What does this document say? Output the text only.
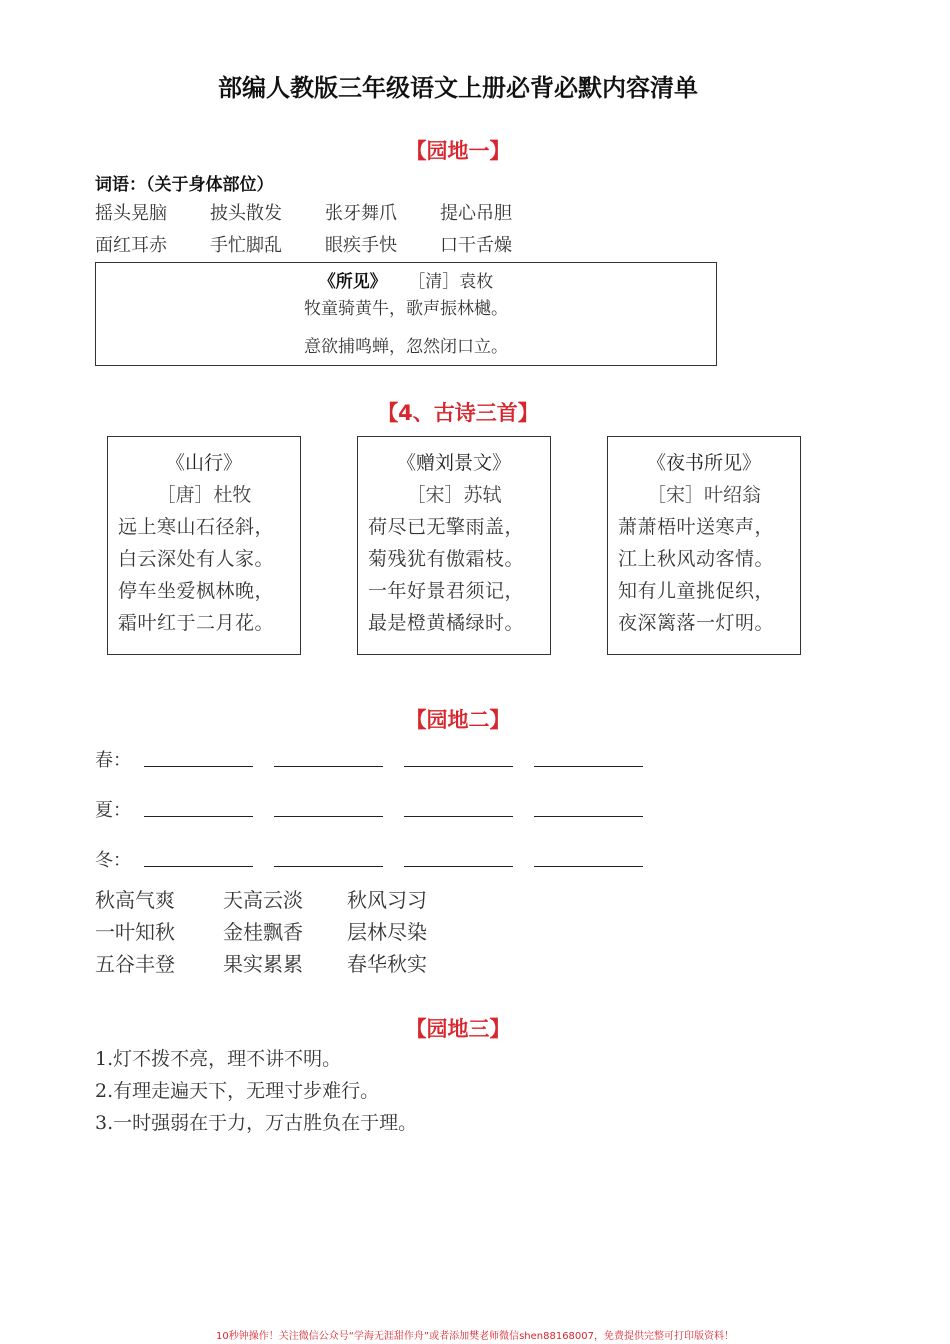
部编人教版三年级语文上册必背必默内容清单
【园地一】
词语：（关于身体部位）
摇头晃脑	披头散发	张牙舞爪	提心吊胆
面红耳赤	手忙脚乱	眼疾手快	口干舌燥
《所见》 ［清］袁枚
牧童骑黄牛，歌声振林樾。
意欲捕鸣蝉，忽然闭口立。
【4、古诗三首】
《山行》
［唐］杜牧
远上寒山石径斜，
白云深处有人家。
停车坐爱枫林晚，
霜叶红于二月花。
《赠刘景文》
［宋］苏轼
荷尽已无擎雨盖，
菊残犹有傲霜枝。
一年好景君须记，
最是橙黄橘绿时。
《夜书所见》
［宋］叶绍翁
萧萧梧叶送寒声，
江上秋风动客情。
知有儿童挑促织，
夜深篱落一灯明。
【园地二】
春：
夏：
冬：
秋高气爽	天高云淡	秋风习习
一叶知秋	金桂飘香	层林尽染
五谷丰登	果实累累	春华秋实
【园地三】
1.灯不拨不亮，理不讲不明。
2.有理走遍天下，无理寸步难行。
3.一时强弱在于力，万古胜负在于理。
10秒钟操作！关注微信公众号“学海无涯甜作舟”或者添加樊老师微信shen88168007，免费提供完整可打印版资料！
